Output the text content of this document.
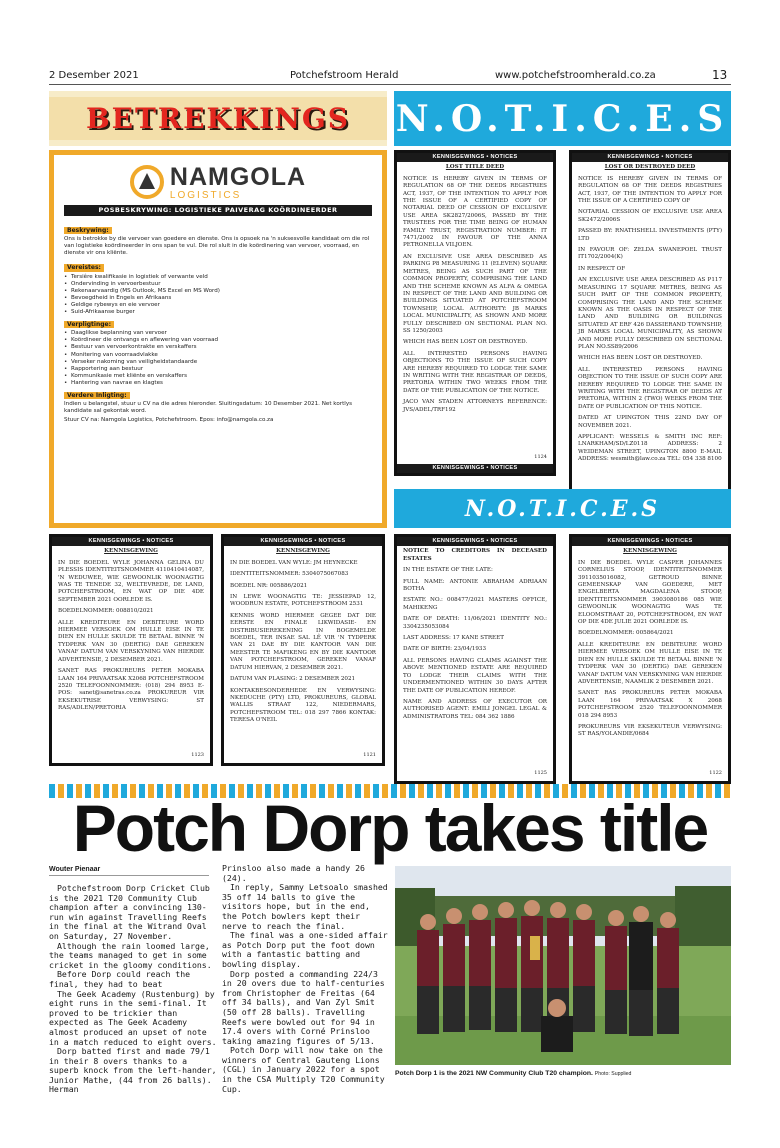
2 Desember 2021	Potchefstroom Herald	www.potchefstroomherald.co.za	13
BETREKKINGS N.O.T.I.C.E.S
NAMGOLA
LOGISTICS
POSBESKRYWING: LOGISTIEKE PAIVERAG KOÖRDINEERDER
Beskrywing:
Ons is betrokke by die vervoer van goedere en dienste. Ons is opsoek na 'n suksesvolle kandidaat om die rol van logistieke koördineerder in ons span te vul. Die rol sluit in die koördinering van vervoer, voorraad, en dienste vir ons kliënte.
Vereistes:
• Tersiêre kwalifikasie in logistiek of verwante veld
• Ondervinding in vervoerbestuur
• Rekenaarvaardig (MS Outlook, MS Excel en MS Word)
• Bevoegdheid in Engels en Afrikaans
• Geldige rybewys en eie vervoer
• Suid-Afrikaanse burger
Verpligtinge:
• Daaglikse beplanning van vervoer
• Koördineer die ontvangs en aflewering van voorraad
• Bestuur van vervoerkontrakte en verskaffers
• Monitering van voorraadvlakke
• Verseker nakoming van veiligheidstandaarde
• Rapportering aan bestuur
• Kommunikasie met kliënte en verskaffers
• Hantering van navrae en klagtes
Verdere Inligting:
Indien u belangstel, stuur u CV na die adres hieronder. Sluitingsdatum: 10 Desember 2021. Net kortlys kandidate sal gekontak word.
Stuur CV na: Namgola Logistics, Potchefstroom. Epos: info@namgola.co.za
KENNISGEWINGS • NOTICES
LOST TITLE DEED
NOTICE IS HEREBY GIVEN IN TERMS OF REGULATION 68 OF THE DEEDS REGISTRIES ACT, 1937, OF THE INTENTION TO APPLY FOR THE ISSUE OF A CERTIFIED COPY OF NOTARIAL DEED OF CESSION OF EXCLUSIVE USE AREA SK2827/2006S, PASSED BY THE TRUSTEES FOR THE TIME BEING OF HUMAN FAMILY TRUST, REGISTRATION NUMBER: IT 7471/2002 IN FAVOUR OF THE ANNA PETRONELLA VILJOEN.
AN EXCLUSIVE USE AREA DESCRIBED AS PARKING P8 MEASURING 11 (ELEVEN) SQUARE METRES, BEING AS SUCH PART OF THE COMMON PROPERTY, COMPRISING THE LAND AND THE SCHEME KNOWN AS ALFA & OMEGA IN RESPECT OF THE LAND AND BUILDING OR BUILDINGS SITUATED AT POTCHEFSTROOM TOWNSHIP, LOCAL AUTHORITY: JB MARKS LOCAL MUNICIPALITY, AS SHOWN AND MORE FULLY DESCRIBED ON SECTIONAL PLAN NO. SS 1250/2003
WHICH HAS BEEN LOST OR DESTROYED.
ALL INTERESTED PERSONS HAVING OBJECTIONS TO THE ISSUE OF SUCH COPY ARE HEREBY REQUIRED TO LODGE THE SAME IN WRITING WITH THE REGISTRAR OF DEEDS, PRETORIA WITHIN TWO WEEKS FROM THE DATE OF THE PUBLICATION OF THE NOTICE.
JACO VAN STADEN ATTORNEYS REFERENCE: JVS/ADEL/TRF192
1124
KENNISGEWINGS • NOTICES
KENNISGEWINGS • NOTICES
LOST OR DESTROYED DEED
NOTICE IS HEREBY GIVEN IN TERMS OF REGULATION 68 OF THE DEEDS REGISTRIES ACT, 1937, OF THE INTENTION TO APPLY FOR THE ISSUE OF A CERTIFIED COPY OF
NOTARIAL CESSION OF EXCLUSIVE USE AREA SK2472/2006S
PASSED BY: RNATHSHELL INVESTMENTS (PTY) LTD
IN FAVOUR OF: ZELDA SWANEPOEL TRUST IT1702/2004(K)
IN RESPECT OF
AN EXCLUSIVE USE AREA DESCRIBED AS P117 MEASURING 17 SQUARE METRES, BEING AS SUCH PART OF THE COMMON PROPERTY, COMPRISING THE LAND AND THE SCHEME KNOWN AS THE OASIS IN RESPECT OF THE LAND AND BUILDING OR BUILDINGS SITUATED AT ERF 426 DASSIERAND TOWNSHIP, JB MARKS LOCAL MUNICIPALITY, AS SHOWN AND MORE FULLY DESCRIBED ON SECTIONAL PLAN NO.SS89/2006
WHICH HAS BEEN LOST OR DESTROYED.
ALL INTERESTED PERSONS HAVING OBJECTION TO THE ISSUE OF SUCH COPY ARE HEREBY REQUIRED TO LODGE THE SAME IN WRITING WITH THE REGISTRAR OF DEEDS AT PRETORIA, WITHIN 2 (TWO) WEEKS FROM THE DATE OF PUBLICATION OF THIS NOTICE.
DATED AT UPINGTON THIS 22ND DAY OF NOVEMBER 2021.
APPLICANT: WESSELS & SMITH INC REF: LNARKHAM/SD/LZ0118 ADDRESS: 2 WEIDEMAN STREET, UPINGTON 8800 E-MAIL ADDRESS: wesmith@law.co.za TEL: 054 338 8100
N.O.T.I.C.E.S
KENNISGEWINGS • NOTICES
KENNISGEWING
IN DIE BOEDEL WYLE JOHANNA GELINA DU PLESSIS IDENTITEITSNOMMER 4110410414087, 'N WEDUWEE, WIE GEWOONLIK WOONAGTIG WAS TE TENEDE 32, WELTEVREDE, DE LAND, POTCHEFSTROOM, EN WAT OP DIE 4DE SEPTEMBER 2021 OORLEDE IS.
BOEDELNOMMER: 008810/2021
ALLE KREDITEURE EN DEBITEURE WORD HIERMEE VERSOEK OM HULLE EISE IN TE DIEN EN HULLE SKULDE TE BETAAL BINNE 'N TYDPERK VAN 30 (DERTIG) DAE GEREKEN VANAF DATUM VAN VERSKYNING VAN HIERDIE ADVERTENSIE, 2 DESEMBER 2021.
SANET RAS PROKUREURS PETER MOKABA LAAN 164 PRIVAATSAK X2068 POTCHEFSTROOM 2520 TELEFOONNOMMER: (018) 294 8953 E-POS: sanet@sanetras.co.za PROKUREUR VIR EKSEKUTRISE VERWYSING: ST RAS/ADLEN/PRETORIA
1123
KENNISGEWINGS • NOTICES
KENNISGEWING
IN DIE BOEDEL VAN WYLE: JM HEYNECKE
IDENTITEITSNOMMER: 5304075067083
BOEDEL NR: 005886/2021
IN LEWE WOONAGTIG TE: JESSIEPAD 12, WOODRUN ESTATE, POTCHEFSTROOM 2531
KENNIS WORD HIERMEE GEGEE DAT DIE EERSTE EN FINALE LIKWIDASIE- EN DISTRIBUSIEREKENING IN BOGEMELDE BOEDEL, TER INSAE SAL LÊ VIR 'N TYDPERK VAN 21 DAE BY DIE KANTOOR VAN DIE MEESTER TE MAFIKENG EN BY DIE KANTOOR VAN POTCHEFSTROOM, GEREKEN VANAF DATUM HIERVAN, 2 DESEMBER 2021.
DATUM VAN PLASING: 2 DESEMBER 2021
KONTAKBESONDERHEDE EN VERWYSING: NKEDUCHE (PTY) LTD, PROKUREURS, GLOBAL WALLIS STRAAT 122, NIEDERMARS, POTCHEFSTROOM TEL: 018 297 7866 KONTAK: TERESA O'NEIL
1121
KENNISGEWINGS • NOTICES
NOTICE TO CREDITORS IN DECEASED ESTATES
IN THE ESTATE OF THE LATE:
FULL NAME: ANTONIE ABRAHAM ADRIAAN BOTHA
ESTATE NO.: 008477/2021 MASTERS OFFICE, MAHIKENG
DATE OF DEATH: 11/06/2021 IDENTITY NO.: 3304235053084
LAST ADDRESS: 17 KANE STREET
DATE OF BIRTH: 23/04/1933
ALL PERSONS HAVING CLAIMS AGAINST THE ABOVE MENTIONED ESTATE ARE REQUIRED TO LODGE THEIR CLAIMS WITH THE UNDERMENTIONED WITHIN 30 DAYS AFTER THE DATE OF PUBLICATION HEREOF.
NAME AND ADDRESS OF EXECUTOR OR AUTHORISED AGENT: EMILI JONGEL LEGAL & ADMINISTRATORS TEL: 084 362 1886
1125
KENNISGEWINGS • NOTICES
KENNISGEWING
IN DIE BOEDEL WYLE CASPER JOHANNES CORNELIUS STOOP, IDENTITEITSNOMMER 3911035016082, GETROUD BINNE GEMEENSKAP VAN GOEDERE, MET ENGELBERTA MAGDALENA STOOP, IDENTITEITSNOMMER 3903080186 085 WIE GEWOONLIK WOONAGTIG WAS TE ELOOMSTRAAT 20, POTCHEFSTROOM, EN WAT OP DIE 4DE JULIE 2021 OORLEDE IS.
BOEDELNOMMER: 005864/2021
ALLE KREDITEURE EN DEBITEURE WORD HIERMEE VERSOEK OM HULLE EISE IN TE DIEN EN HULLE SKULDE TE BETAAL BINNE 'N TYDPERK VAN 30 (DERTIG) DAE GEREKEN VANAF DATUM VAN VERSKYNING VAN HIERDIE ADVERTENSIE, NAAMLIK 2 DESEMBER 2021.
SANET RAS PROKUREURS PETER MOKABA LAAN 164 PRIVAATSAK X 2068 POTCHEFSTROOM 2520 TELEFOONNOMMER 018 294 8953
PROKUREURS VIR EKSEKUTEUR VERWYSING: ST RAS/YOLANDIE/0684
1122
Potch Dorp takes title
Wouter Pienaar

Potchefstroom Dorp Cricket Club is the 2021 T20 Community Club champion after a convincing 130-run win against Travelling Reefs in the final at the Witrand Oval on Saturday, 27 November.

Although the rain loomed large, the teams managed to get in some cricket in the gloomy conditions.

Before Dorp could reach the final, they had to beat

The Geek Academy (Rustenburg) by eight runs in the semi-final. It proved to be trickier than expected as The Geek Academy almost produced an upset of note in a match reduced to eight overs.

Dorp batted first and made 79/1 in their 8 overs thanks to a superb knock from the left-hander, Junior Mathe, (44 from 26 balls). Herman

Prinsloo also made a handy 26 (24).

In reply, Sammy Letsoalo smashed 35 off 14 balls to give the visitors hope, but in the end, the Potch bowlers kept their nerve to reach the final.

The final was a one-sided affair as Potch Dorp put the foot down with a fantastic batting and bowling display.

Dorp posted a commanding 224/3 in 20 overs due to half-centuries from Christopher de Freitas (64 off 34 balls), and Van Zyl Smit (50 off 28 balls). Travelling Reefs were bowled out for 94 in 17.4 overs with Corné Prinsloo taking amazing figures of 5/13.

Potch Dorp will now take on the winners of Central Gauteng Lions (CGL) in January 2022 for a spot in the CSA Multiply T20 Community Cup.

Potch Dorp 1 is the 2021 NW Community Club T20 champion. Photo: Supplied
